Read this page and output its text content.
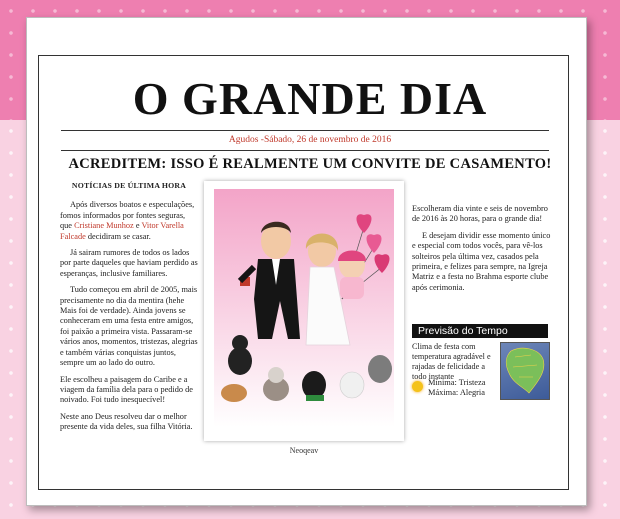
O GRANDE DIA
Agudos -Sábado, 26 de novembro de 2016
ACREDITEM: ISSO É REALMENTE UM CONVITE DE CASAMENTO!
NOTÍCIAS DE ÚLTIMA HORA

Após diversos boatos e especulações, fomos informados por fontes seguras, que Cristiane Munhoz e Vitor Varella Falcade decidiram se casar.

Já sairam rumores de todos os lados por parte daqueles que haviam perdido as esperanças, inclusive familiares.

Tudo começou em abril de 2005, mais precisamente no dia da mentira (hehe Mais foi de verdade). Ainda jovens se conheceram em uma festa entre amigos, foi paixão a primeira vista. Passaram-se vários anos, momentos, tristezas, alegrias e também várias conquistas juntos, sempre um ao lado do outro.

Ele escolheu a paisagem do Caribe e a viagem da família dela para o pedido de noivado. Foi tudo inesquecível!

Neste ano Deus resolveu dar o melhor presente da vida deles, sua filha Vitória.

Neoqeav

Escolheram dia vinte e seis de novembro de 2016 às 20 horas, para o grande dia!

E desejam dividir esse momento único e especial com todos vocês, para vê-los solteiros pela última vez, casados pela primeira, e felizes para sempre, na Igreja Matriz e a festa no Brahma esporte clube após cerimonia.

Previsão do Tempo
Clima de festa com temperatura agradável e rajadas de felicidade a todo instante
Mínima: Tristeza
Máxima: Alegria
